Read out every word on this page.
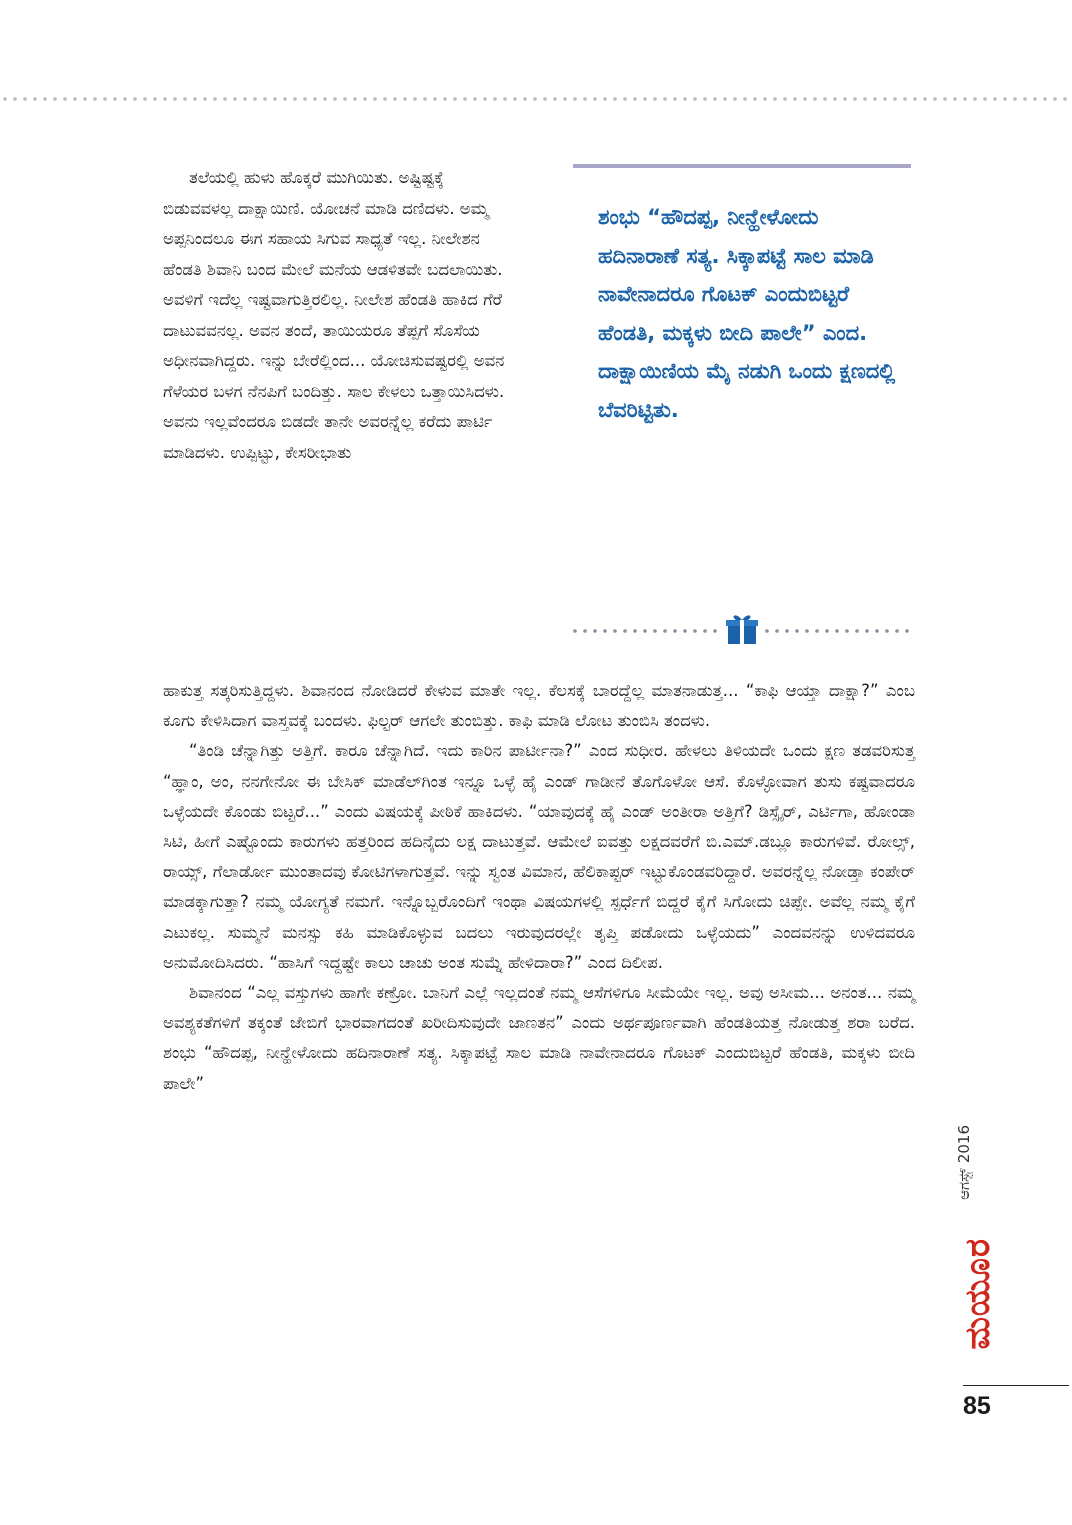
ತಲೆಯಲ್ಲಿ ಹುಳು ಹೊಕ್ಕರೆ ಮುಗಿಯಿತು. ಅಷ್ಟಿಷ್ಟಕ್ಕೆ ಬಿಡುವವಳಲ್ಲ ದಾಕ್ಷಾಯಿಣಿ. ಯೋಚನೆ ಮಾಡಿ ದಣಿದಳು. ಅಮ್ಮ ಅಪ್ಪನಿಂದಲೂ ಈಗ ಸಹಾಯ ಸಿಗುವ ಸಾಧ್ಯತೆ ಇಲ್ಲ. ನೀಲೇಶನ ಹೆಂಡತಿ ಶಿವಾನಿ ಬಂದ ಮೇಲೆ ಮನೆಯ ಆಡಳಿತವೇ ಬದಲಾಯಿತು. ಅವಳಿಗೆ ಇದೆಲ್ಲ ಇಷ್ಟವಾಗುತ್ತಿರಲಿಲ್ಲ. ನೀಲೇಶ ಹೆಂಡತಿ ಹಾಕಿದ ಗೆರೆ ದಾಟುವವನಲ್ಲ. ಅವನ ತಂದೆ, ತಾಯಿಯರೂ ತೆಪ್ಪಗೆ ಸೊಸೆಯ ಅಧೀನವಾಗಿದ್ದರು. ಇನ್ನು ಬೇರೆಲ್ಲಿಂದ... ಯೋಚಿಸುವಷ್ಟರಲ್ಲಿ ಅವನ ಗೆಳೆಯರ ಬಳಗ ನೆನಪಿಗೆ ಬಂದಿತ್ತು. ಸಾಲ ಕೇಳಲು ಒತ್ತಾಯಿಸಿದಳು. ಅವನು ಇಲ್ಲವೆಂದರೂ ಬಿಡದೇ ತಾನೇ ಅವರನ್ನೆಲ್ಲ ಕರೆದು ಪಾರ್ಟಿ ಮಾಡಿದಳು. ಉಪ್ಪಿಟ್ಟು, ಕೇಸರೀಭಾತು

ಶಂಭು “ಹೌದಪ್ಪ, ನೀನ್ಹೇಳೋದು ಹದಿನಾರಾಣೆ ಸತ್ಯ. ಸಿಕ್ಕಾಪಟ್ಟೆ ಸಾಲ ಮಾಡಿ ನಾವೇನಾದರೂ ಗೊಟಕ್ ಎಂದುಬಿಟ್ಟರೆ ಹೆಂಡತಿ, ಮಕ್ಕಳು ಬೀದಿ ಪಾಲೇ” ಎಂದ. ದಾಕ್ಷಾಯಿಣಿಯ ಮೈ ನಡುಗಿ ಒಂದು ಕ್ಷಣದಲ್ಲಿ ಬೆವರಿಟ್ಟಿತು.

ಹಾಕುತ್ತ ಸತ್ಕರಿಸುತ್ತಿದ್ದಳು. ಶಿವಾನಂದ ನೋಡಿದರೆ ಕೇಳುವ ಮಾತೇ ಇಲ್ಲ. ಕೆಲಸಕ್ಕೆ ಬಾರದ್ದೆಲ್ಲ ಮಾತನಾಡುತ್ತ... “ಕಾಫಿ ಆಯ್ತಾ ದಾಕ್ಷಾ?” ಎಂಬ ಕೂಗು ಕೇಳಿಸಿದಾಗ ವಾಸ್ತವಕ್ಕೆ ಬಂದಳು. ಫಿಲ್ಟರ್ ಆಗಲೇ ತುಂಬಿತ್ತು. ಕಾಫಿ ಮಾಡಿ ಲೋಟ ತುಂಬಿಸಿ ತಂದಳು.

“ತಿಂಡಿ ಚೆನ್ನಾಗಿತ್ತು ಅತ್ತಿಗೆ. ಕಾರೂ ಚೆನ್ನಾಗಿದೆ. ಇದು ಕಾರಿನ ಪಾರ್ಟೀನಾ?” ಎಂದ ಸುಧೀರ. ಹೇಳಲು ತಿಳಿಯದೇ ಒಂದು ಕ್ಷಣ ತಡವರಿಸುತ್ತ “ಹ್ಞಾಂ, ಅಂ, ನನಗೇನೋ ಈ ಬೇಸಿಕ್ ಮಾಡೆಲ್‌ಗಿಂತ ಇನ್ನೂ ಒಳ್ಳೆ ಹೈ ಎಂಡ್ ಗಾಡೀನೆ ತೊಗೊಳೋ ಆಸೆ. ಕೊಳ್ಳೋವಾಗ ತುಸು ಕಷ್ಟವಾದರೂ ಒಳ್ಳೆಯದೇ ಕೊಂಡು ಬಿಟ್ಟರೆ...” ಎಂದು ವಿಷಯಕ್ಕೆ ಪೀಠಿಕೆ ಹಾಕಿದಳು. “ಯಾವುದಕ್ಕೆ ಹೈ ಎಂಡ್ ಅಂತೀರಾ ಅತ್ತಿಗೆ? ಡಿಸ್ಸೈರ್, ಎರ್ಟಿಗಾ, ಹೋಂಡಾ ಸಿಟಿ, ಹೀಗೆ ಎಷ್ಟೊಂದು ಕಾರುಗಳು ಹತ್ತರಿಂದ ಹದಿನೈದು ಲಕ್ಷ ದಾಟುತ್ತವೆ. ಆಮೇಲೆ ಐವತ್ತು ಲಕ್ಷದವರೆಗೆ ಬಿ.ಎಮ್.ಡಬ್ಲೂ ಕಾರುಗಳಿವೆ. ರೋಲ್ಸ್, ರಾಯ್ಸ್, ಗೆಲಾರ್ಡೋ ಮುಂತಾದವು ಕೋಟಿಗಳಾಗುತ್ತವೆ. ಇನ್ನು ಸ್ವಂತ ವಿಮಾನ, ಹೆಲಿಕಾಪ್ಟರ್ ಇಟ್ಟುಕೊಂಡವರಿದ್ದಾರೆ. ಅವರನ್ನೆಲ್ಲ ನೋಡ್ತಾ ಕಂಪೇರ್ ಮಾಡಕ್ಕಾಗುತ್ತಾ? ನಮ್ಮ ಯೋಗ್ಯತೆ ನಮಗೆ. ಇನ್ನೊಬ್ಬರೊಂದಿಗೆ ಇಂಥಾ ವಿಷಯಗಳಲ್ಲಿ ಸ್ಪರ್ಧೆಗೆ ಬಿದ್ದರೆ ಕೈಗೆ ಸಿಗೋದು ಚಿಪ್ಪೇ. ಅವೆಲ್ಲ ನಮ್ಮ ಕೈಗೆ ಎಟುಕಲ್ಲ. ಸುಮ್ಮನೆ ಮನಸ್ಸು ಕಹಿ ಮಾಡಿಕೊಳ್ಳುವ ಬದಲು ಇರುವುದರಲ್ಲೇ ತೃಪ್ತಿ ಪಡೋದು ಒಳ್ಳೆಯದು” ಎಂದವನನ್ನು ಉಳಿದವರೂ ಅನುಮೋದಿಸಿದರು. “ಹಾಸಿಗೆ ಇದ್ದಷ್ಟೇ ಕಾಲು ಚಾಚು ಅಂತ ಸುಮ್ನೆ ಹೇಳಿದಾರಾ?” ಎಂದ ದಿಲೀಪ.

ಶಿವಾನಂದ “ಎಲ್ಲ ವಸ್ತುಗಳು ಹಾಗೇ ಕಣ್ರೋ. ಬಾನಿಗೆ ಎಲ್ಲೆ ಇಲ್ಲದಂತೆ ನಮ್ಮ ಆಸೆಗಳಿಗೂ ಸೀಮೆಯೇ ಇಲ್ಲ. ಅವು ಅಸೀಮ... ಅನಂತ... ನಮ್ಮ ಅವಶ್ಯಕತೆಗಳಿಗೆ ತಕ್ಕಂತೆ ಜೇಬಿಗೆ ಭಾರವಾಗದಂತೆ ಖರೀದಿಸುವುದೇ ಜಾಣತನ” ಎಂದು ಅರ್ಥಪೂರ್ಣವಾಗಿ ಹೆಂಡತಿಯತ್ತ ನೋಡುತ್ತ ಶರಾ ಬರೆದ. ಶಂಭು “ಹೌದಪ್ಪ, ನೀನ್ಹೇಳೋದು ಹದಿನಾರಾಣೆ ಸತ್ಯ. ಸಿಕ್ಕಾಪಟ್ಟೆ ಸಾಲ ಮಾಡಿ ನಾವೇನಾದರೂ ಗೊಟಕ್ ಎಂದುಬಿಟ್ಟರೆ ಹೆಂಡತಿ, ಮಕ್ಕಳು ಬೀದಿ ಪಾಲೇ”

ಆಗಸ್ಟ್ 2016
ಮಯೂರ
85
